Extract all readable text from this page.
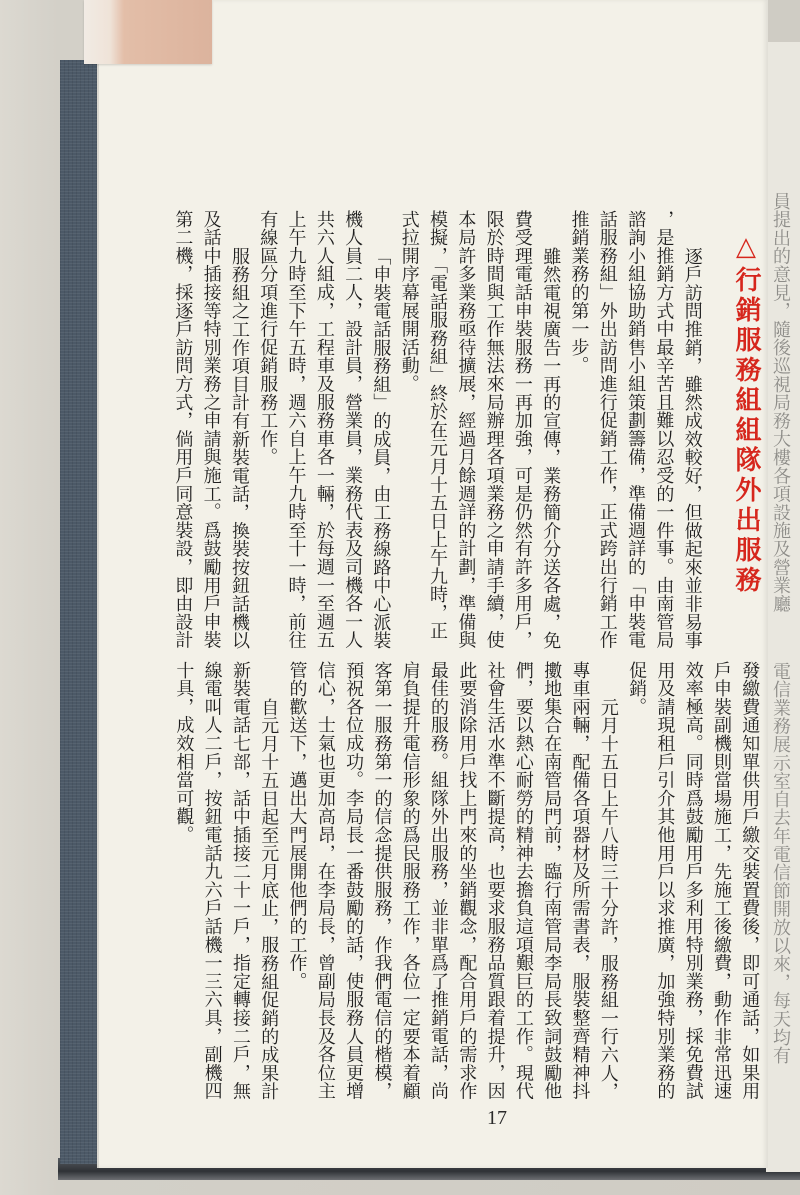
員提出的意見，隨後巡視局務大樓各項設施及營業廳
電信業務展示室自去年電信節開放以來，每天均有
△行銷服務組組隊外出服務
逐戶訪問推銷，雖然成效較好，但做起來並非易事
，是推銷方式中最辛苦且難以忍受的一件事。由南管局
諮詢小組協助銷售小組策劃籌備，準備週詳的「申裝電
話服務組」外出訪問進行促銷工作，正式跨出行銷工作
推銷業務的第一步。
雖然電視廣告一再的宣傳，業務簡介分送各處，免
費受理電話申裝服務一再加強，可是仍然有許多用戶，
限於時間與工作無法來局辦理各項業務之申請手續，使
本局許多業務亟待擴展，經過月餘週詳的計劃，準備與
模擬，「電話服務組」終於在元月十五日上午九時，正
式拉開序幕展開活動。
「申裝電話服務組」的成員，由工務線路中心派裝
機人員二人，設計員，營業員，業務代表及司機各一人
共六人組成，工程車及服務車各一輛，於每週一至週五
上午九時至下午五時，週六自上午九時至十一時，前往
有線區分項進行促銷服務工作。
服務組之工作項目計有新裝電話，換裝按鈕話機以
及話中插接等特別業務之申請與施工。爲鼓勵用戶申裝
第二機，採逐戶訪問方式，倘用戶同意裝設，即由設計
發繳費通知單供用戶繳交裝置費後，即可通話，如果用
戶申裝副機則當場施工，先施工後繳費，動作非常迅速
效率極高。同時爲鼓勵用戶多利用特別業務，採免費試
用及請現租戶引介其他用戶以求推廣，加強特別業務的
促銷。
元月十五日上午八時三十分許，服務組一行六人，
專車兩輛，配備各項器材及所需書表，服裝整齊精神抖
擻地集合在南管局門前，臨行南管局李局長致詞鼓勵他
們，要以熱心耐勞的精神去擔負這項艱巨的工作。現代
社會生活水準不斷提高，也要求服務品質跟着提升，因
此要消除用戶找上門來的坐銷觀念，配合用戶的需求作
最佳的服務。組隊外出服務，並非單爲了推銷電話，尚
肩負提升電信形象的爲民服務工作，各位一定要本着顧
客第一服務第一的信念提供服務，作我們電信的楷模，
預祝各位成功。李局長一番鼓勵的話，使服務人員更增
信心，士氣也更加高昂，在李局長，曾副局長及各位主
管的歡送下，邁出大門展開他們的工作。
自元月十五日起至元月底止，服務組促銷的成果計
新裝電話七部，話中插接二十一戶，指定轉接二戶，無
線電叫人二戶，按鈕電話九六戶話機一三六具，副機四
十具，成效相當可觀。
17
